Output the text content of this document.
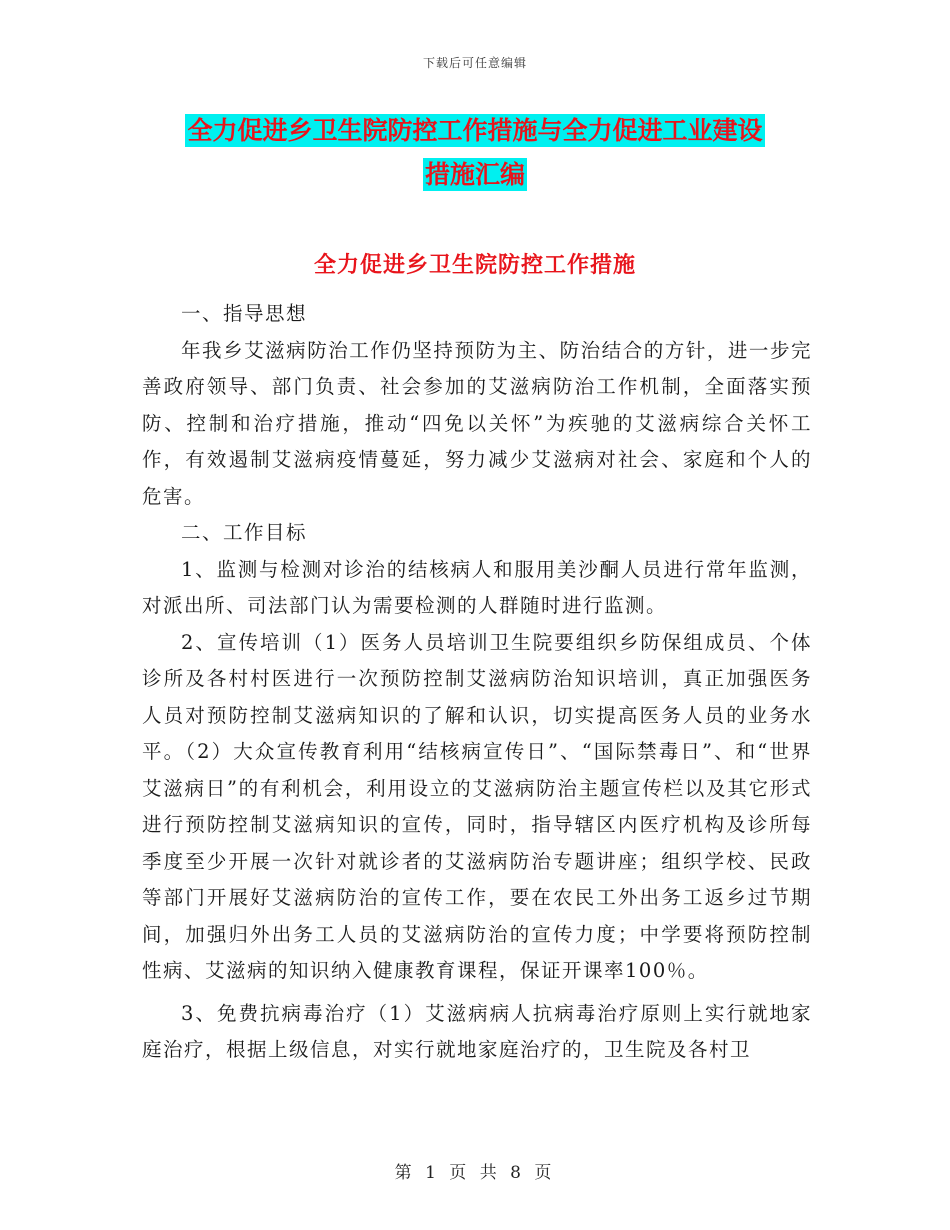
下载后可任意编辑
全力促进乡卫生院防控工作措施与全力促进工业建设
措施汇编
全力促进乡卫生院防控工作措施

一、指导思想

年我乡艾滋病防治工作仍坚持预防为主、防治结合的方针，进一步完善政府领导、部门负责、社会参加的艾滋病防治工作机制，全面落实预防、控制和治疗措施，推动“四免以关怀”为疾驰的艾滋病综合关怀工作，有效遏制艾滋病疫情蔓延，努力减少艾滋病对社会、家庭和个人的危害。

二、工作目标

1、监测与检测对诊治的结核病人和服用美沙酮人员进行常年监测，对派出所、司法部门认为需要检测的人群随时进行监测。

2、宣传培训（1）医务人员培训卫生院要组织乡防保组成员、个体诊所及各村村医进行一次预防控制艾滋病防治知识培训，真正加强医务人员对预防控制艾滋病知识的了解和认识，切实提高医务人员的业务水平。（2）大众宣传教育利用“结核病宣传日”、“国际禁毒日”、和“世界艾滋病日”的有利机会，利用设立的艾滋病防治主题宣传栏以及其它形式进行预防控制艾滋病知识的宣传，同时，指导辖区内医疗机构及诊所每季度至少开展一次针对就诊者的艾滋病防治专题讲座；组织学校、民政等部门开展好艾滋病防治的宣传工作，要在农民工外出务工返乡过节期间，加强归外出务工人员的艾滋病防治的宣传力度；中学要将预防控制性病、艾滋病的知识纳入健康教育课程，保证开课率100％。

3、免费抗病毒治疗（1）艾滋病病人抗病毒治疗原则上实行就地家庭治疗，根据上级信息，对实行就地家庭治疗的，卫生院及各村卫

第 1 页 共 8 页
